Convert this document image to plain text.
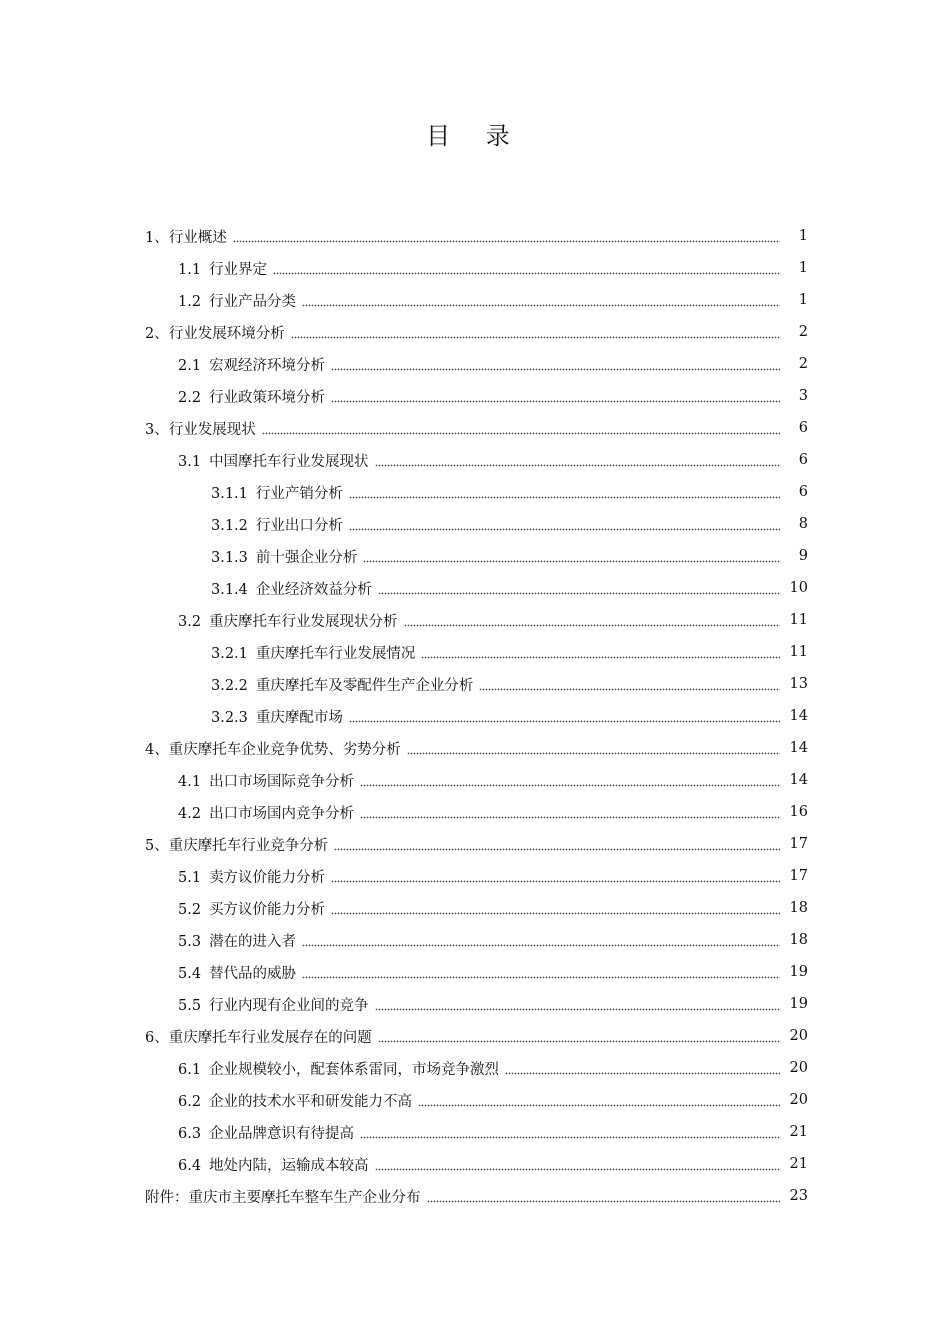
目 录
1、行业概述	1
1.1 行业界定	1
1.2 行业产品分类	1
2、行业发展环境分析	2
2.1 宏观经济环境分析	2
2.2 行业政策环境分析	3
3、行业发展现状	6
3.1 中国摩托车行业发展现状	6
3.1.1 行业产销分析	6
3.1.2 行业出口分析	8
3.1.3 前十强企业分析	9
3.1.4 企业经济效益分析	10
3.2 重庆摩托车行业发展现状分析	11
3.2.1 重庆摩托车行业发展情况	11
3.2.2 重庆摩托车及零配件生产企业分析	13
3.2.3 重庆摩配市场	14
4、重庆摩托车企业竞争优势、劣势分析	14
4.1 出口市场国际竞争分析	14
4.2 出口市场国内竞争分析	16
5、重庆摩托车行业竞争分析	17
5.1 卖方议价能力分析	17
5.2 买方议价能力分析	18
5.3 潜在的进入者	18
5.4 替代品的威胁	19
5.5 行业内现有企业间的竞争	19
6、重庆摩托车行业发展存在的问题	20
6.1 企业规模较小，配套体系雷同，市场竞争激烈	20
6.2 企业的技术水平和研发能力不高	20
6.3 企业品牌意识有待提高	21
6.4 地处内陆，运输成本较高	21
附件：重庆市主要摩托车整车生产企业分布	23
